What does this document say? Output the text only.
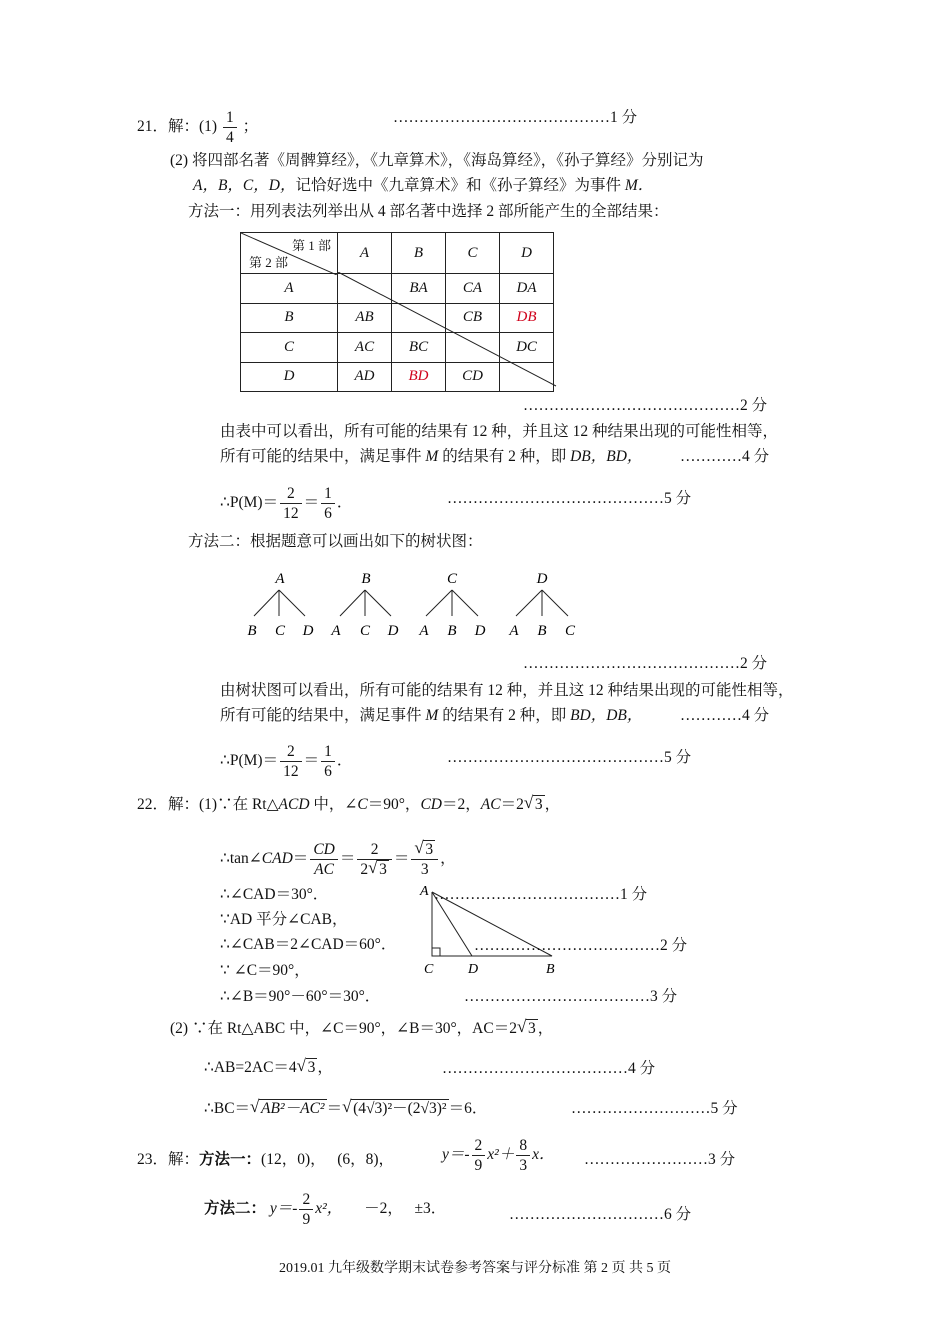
21．解：$(1) \frac{1}{4}$ ；
……………………………………1 分
(2) 将四部名著《周髀算经》，《九章算术》，《海岛算经》，《孙子算经》分别记为
A，B，C，D，记恰好选中《九章算术》和《孙子算经》为事件 M．
方法一：用列表法列举出从 4 部名著中选择 2 部所能产生的全部结果：
第 1 部
第 2 部	A	B	C	D
A		BA	CA	DA
B	AB		CB	DB
C	AC	BC		DC
D	AD	BD	CD	
……………………………………2 分
由表中可以看出，所有可能的结果有 12 种，并且这 12 种结果出现的可能性相等，
所有可能的结果中，满足事件 M 的结果有 2 种，即 DB，BD， …………4 分
∴P(M)＝ $\frac{2}{12} = \frac{1}{6}$ ．	……………………………………5 分
方法二：根据题意可以画出如下的树状图：
A
B C D
B
A C D
C
A B D
D
A B C
……………………………………2 分
由树状图可以看出，所有可能的结果有 12 种，并且这 12 种结果出现的可能性相等，
所有可能的结果中，满足事件 M 的结果有 2 种，即 BD，DB， …………4 分
∴P(M)＝ $\frac{2}{12} = \frac{1}{6}$ ．	……………………………………5 分
22．解：(1)∵在 Rt△ACD 中，∠C＝90°，CD＝2，AC＝2 √ 3 ，
∴tan∠CAD＝ $\frac{CD}{AC} = \frac{2}{2 √ 3} = \frac{√ 3}{3}$ ，
∴∠CAD＝30°．
∵AD 平分∠CAB，
∴∠CAB＝2∠CAD＝60°．
∵ ∠C＝90°，
∴∠B＝90°－60°＝30°．
A
C D	B
………………………………1 分
………………………………2 分
………………………………3 分
(2) ∵在 Rt△ABC 中，∠C＝90°，∠B＝30°，AC＝2 √ 3 ，
∴AB=2AC＝4 √ 3 ，	………………………………4 分
∴BC＝ √ AB²－AC² ＝ √ (4√3)²－(2√3)² ＝6．	………………………5 分
23．解：方法一：(12，0)，　 (6，8)，	$y=- \frac{2}{9} x^2+ \frac{8}{3}$ x． ……………………3 分
方法二： $y=- \frac{2}{9} x^2$， －2，　 ±3．	…………………………6 分
2019.01 九年级数学期末试卷参考答案与评分标准 第 2 页 共 5 页
